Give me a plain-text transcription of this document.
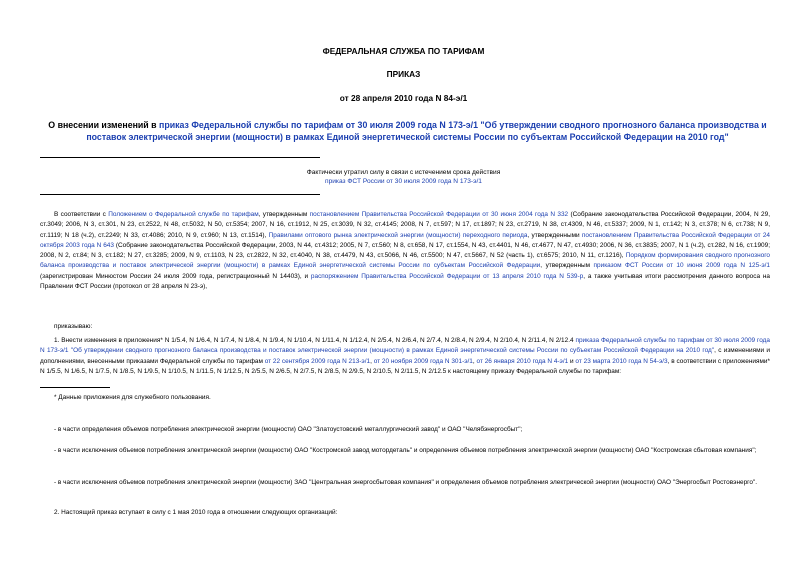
ФЕДЕРАЛЬНАЯ СЛУЖБА ПО ТАРИФАМ
ПРИКАЗ
от 28 апреля 2010 года N 84-э/1
О внесении изменений в приказ Федеральной службы по тарифам от 30 июля 2009 года N 173-э/1 "Об утверждении сводного прогнозного баланса производства и поставок электрической энергии (мощности) в рамках Единой энергетической системы России по субъектам Российской Федерации на 2010 год"
Фактически утратил силу в связи с истечением срока действия
приказ ФСТ России от 30 июля 2009 года N 173-э/1
В соответствии с Положением о Федеральной службе по тарифам, утвержденным постановлением Правительства Российской Федерации от 30 июня 2004 года N 332 (Собрание законодательства Российской Федерации, 2004, N 29, ст.3049; 2006, N 3, ст.301, N 23, ст.2522, N 48, ст.5032, N 50, ст.5354; 2007, N 16, ст.1912, N 25, ст.3039, N 32, ст.4145; 2008, N 7, ст.597; N 17, ст.1897; N 23, ст.2719, N 38, ст.4309, N 46, ст.5337; 2009, N 1, ст.142; N 3, ст.378; N 6, ст.738; N 9, ст.1119; N 18 (ч.2), ст.2249; N 33, ст.4086; 2010, N 9, ст.960; N 13, ст.1514), Правилами оптового рынка электрической энергии (мощности) переходного периода, утвержденными постановлением Правительства Российской Федерации от 24 октября 2003 года N 643 (Собрание законодательства Российской Федерации, 2003, N 44, ст.4312; 2005, N 7, ст.560; N 8, ст.658, N 17, ст.1554, N 43, ст.4401, N 46, ст.4677, N 47, ст.4930; 2006, N 36, ст.3835; 2007, N 1 (ч.2), ст.282, N 16, ст.1909; 2008, N 2, ст.84; N 3, ст.182; N 27, ст.3285; 2009, N 9, ст.1103, N 23, ст.2822, N 32, ст.4040, N 38, ст.4479, N 43, ст.5066, N 46, ст.5500; N 47, ст.5667, N 52 (часть 1), ст.6575; 2010, N 11, ст.1216), Порядком формирования сводного прогнозного баланса производства и поставок электрической энергии (мощности) в рамках Единой энергетической системы России по субъектам Российской Федерации, утвержденным приказом ФСТ России от 10 июня 2009 года N 125-э/1 (зарегистрирован Минюстом России 24 июля 2009 года, регистрационный N 14403), и распоряжением Правительства Российской Федерации от 13 апреля 2010 года N 539-р, а также учитывая итоги рассмотрения данного вопроса на Правлении ФСТ России (протокол от 28 апреля N 23-э),
приказываю:
1. Внести изменения в приложения* N 1/5.4, N 1/6.4, N 1/7.4, N 1/8.4, N 1/9.4, N 1/10.4, N 1/11.4, N 1/12.4, N 2/5.4, N 2/6.4, N 2/7.4, N 2/8.4, N 2/9.4, N 2/10.4, N 2/11.4, N 2/12.4 приказа Федеральной службы по тарифам от 30 июля 2009 года N 173-э/1 "Об утверждении сводного прогнозного баланса производства и поставок электрической энергии (мощности) в рамках Единой энергетической системы России по субъектам Российской Федерации на 2010 год", с изменениями и дополнениями, внесенными приказами Федеральной службы по тарифам от 22 сентября 2009 года N 213-э/1, от 20 ноября 2009 года N 301-э/1, от 26 января 2010 года N 4-э/1 и от 23 марта 2010 года N 54-э/3, в соответствии с приложениями* N 1/5.5, N 1/6.5, N 1/7.5, N 1/8.5, N 1/9.5, N 1/10.5, N 1/11.5, N 1/12.5, N 2/5.5, N 2/6.5, N 2/7.5, N 2/8.5, N 2/9.5, N 2/10.5, N 2/11.5, N 2/12.5 к настоящему приказу Федеральной службы по тарифам:
* Данные приложения для служебного пользования.
- в части определения объемов потребления электрической энергии (мощности) ОАО "Златоустовский металлургический завод" и ОАО "Челябэнергосбыт";
- в части исключения объемов потребления электрической энергии (мощности) ОАО "Костромской завод мотордеталь" и определения объемов потребления электрической энергии (мощности) ОАО "Костромская сбытовая компания";
- в части исключения объемов потребления электрической энергии (мощности) ЗАО "Центральная энергосбытовая компания" и определения объемов потребления электрической энергии (мощности) ОАО "Энергосбыт Ростовэнерго".
2. Настоящий приказ вступает в силу с 1 мая 2010 года в отношении следующих организаций:
